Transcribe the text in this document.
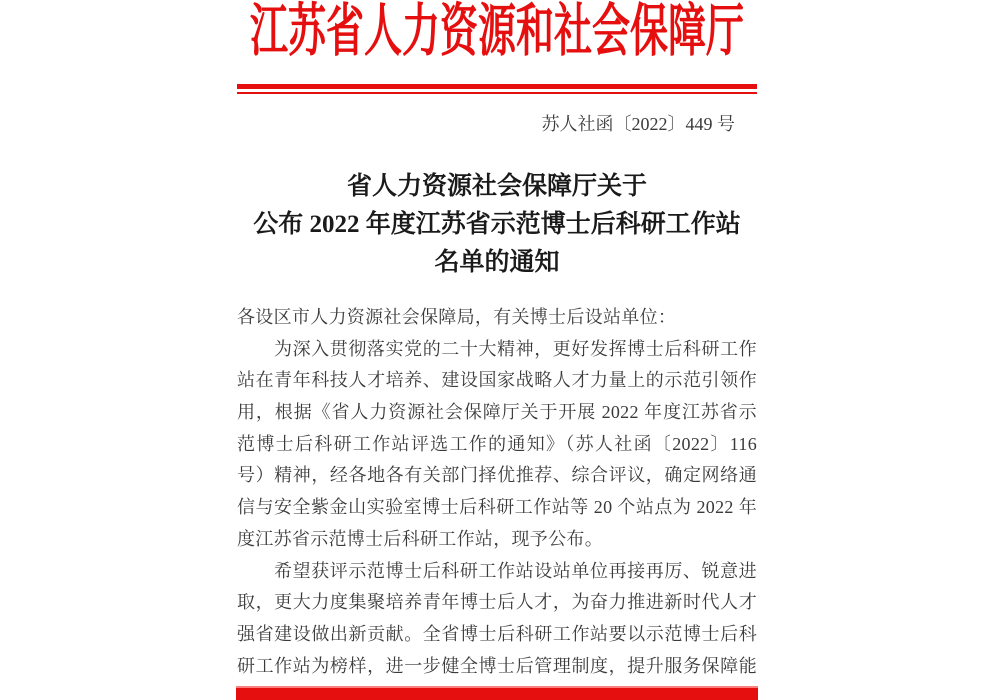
江苏省人力资源和社会保障厅
苏人社函〔2022〕449 号
省人力资源社会保障厅关于
公布 2022 年度江苏省示范博士后科研工作站
名单的通知
各设区市人力资源社会保障局，有关博士后设站单位：
为深入贯彻落实党的二十大精神，更好发挥博士后科研工作
站在青年科技人才培养、建设国家战略人才力量上的示范引领作
用，根据《省人力资源社会保障厅关于开展 2022 年度江苏省示
范博士后科研工作站评选工作的通知》（苏人社函〔2022〕116
号）精神，经各地各有关部门择优推荐、综合评议，确定网络通
信与安全紫金山实验室博士后科研工作站等 20 个站点为 2022 年
度江苏省示范博士后科研工作站，现予公布。
希望获评示范博士后科研工作站设站单位再接再厉、锐意进
取，更大力度集聚培养青年博士后人才，为奋力推进新时代人才
强省建设做出新贡献。全省博士后科研工作站要以示范博士后科
研工作站为榜样，进一步健全博士后管理制度，提升服务保障能
